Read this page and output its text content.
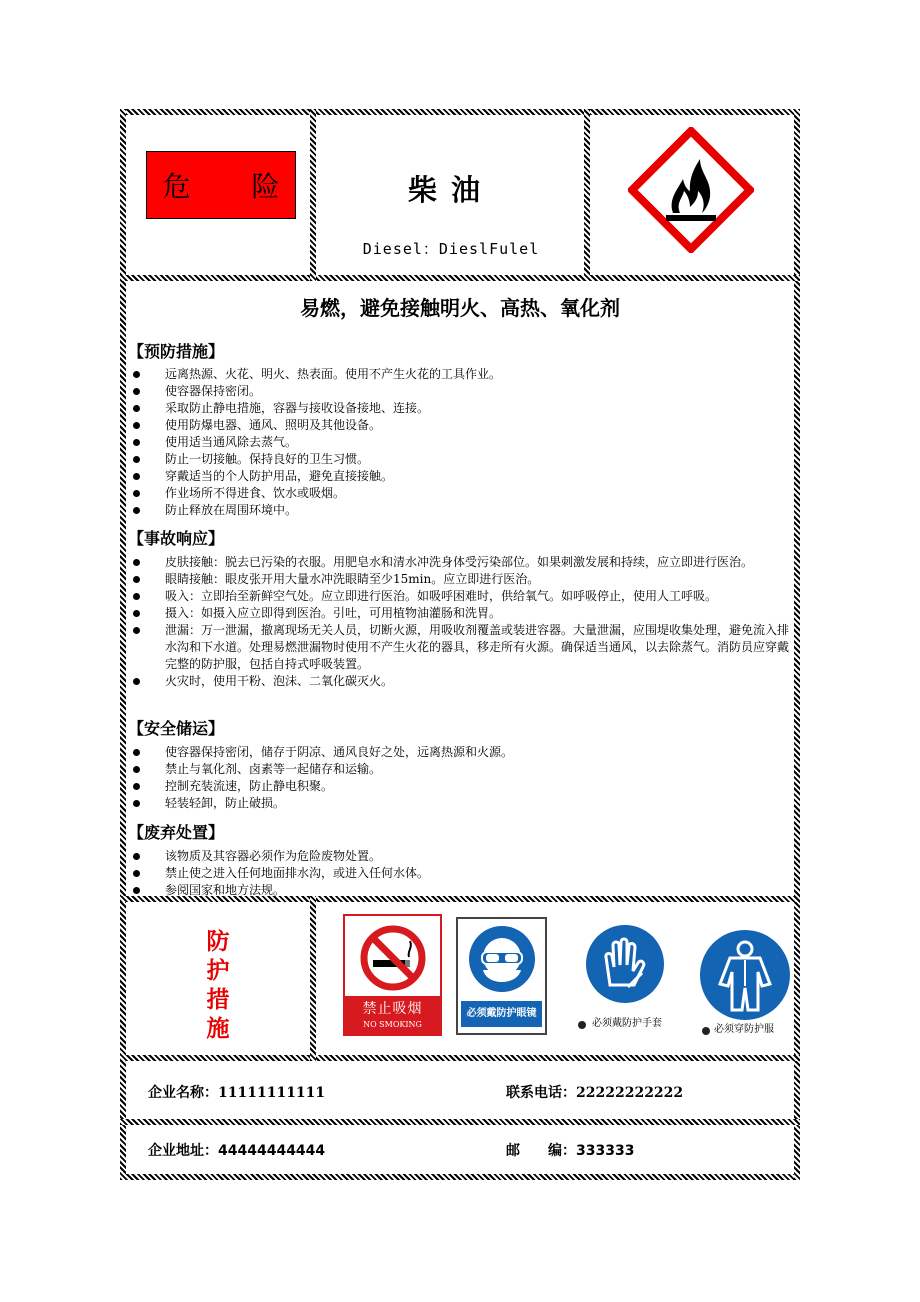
危 险	柴油
Diesel：DieslFulel
易燃，避免接触明火、高热、氧化剂
【预防措施】
远离热源、火花、明火、热表面。使用不产生火花的工具作业。
使容器保持密闭。
采取防止静电措施，容器与接收设备接地、连接。
使用防爆电器、通风、照明及其他设备。
使用适当通风除去蒸气。
防止一切接触。保持良好的卫生习惯。
穿戴适当的个人防护用品，避免直接接触。
作业场所不得进食、饮水或吸烟。
防止释放在周围环境中。
【事故响应】
皮肤接触：脱去已污染的衣服。用肥皂水和清水冲洗身体受污染部位。如果刺激发展和持续，应立即进行医治。
眼睛接触：眼皮张开用大量水冲洗眼睛至少15min。应立即进行医治。
吸入：立即抬至新鲜空气处。应立即进行医治。如吸呼困难时，供给氧气。如呼吸停止，使用人工呼吸。
摄入：如摄入应立即得到医治。引吐，可用植物油灌肠和洗胃。
泄漏：万一泄漏，撤离现场无关人员，切断火源，用吸收剂覆盖或装进容器。大量泄漏，应围堤收集处理，避免流入排水沟和下水道。处理易燃泄漏物时使用不产生火花的器具，移走所有火源。确保适当通风，以去除蒸气。消防员应穿戴完整的防护服，包括自持式呼吸装置。
火灾时，使用干粉、泡沫、二氧化碳灭火。
【安全储运】
使容器保持密闭，储存于阴凉、通风良好之处，远离热源和火源。
禁止与氧化剂、卤素等一起储存和运输。
控制充装流速，防止静电积聚。
轻装轻卸，防止破损。
【废弃处置】
该物质及其容器必须作为危险废物处置。
禁止使之进入任何地面排水沟，或进入任何水体。
参阅国家和地方法规。
防护措施
禁止吸烟
NO SMOKING
必须戴防护眼镜
必须戴防护手套
必须穿防护服
企业名称：11111111111	联系电话：22222222222
企业地址：44444444444	邮　　编：333333
